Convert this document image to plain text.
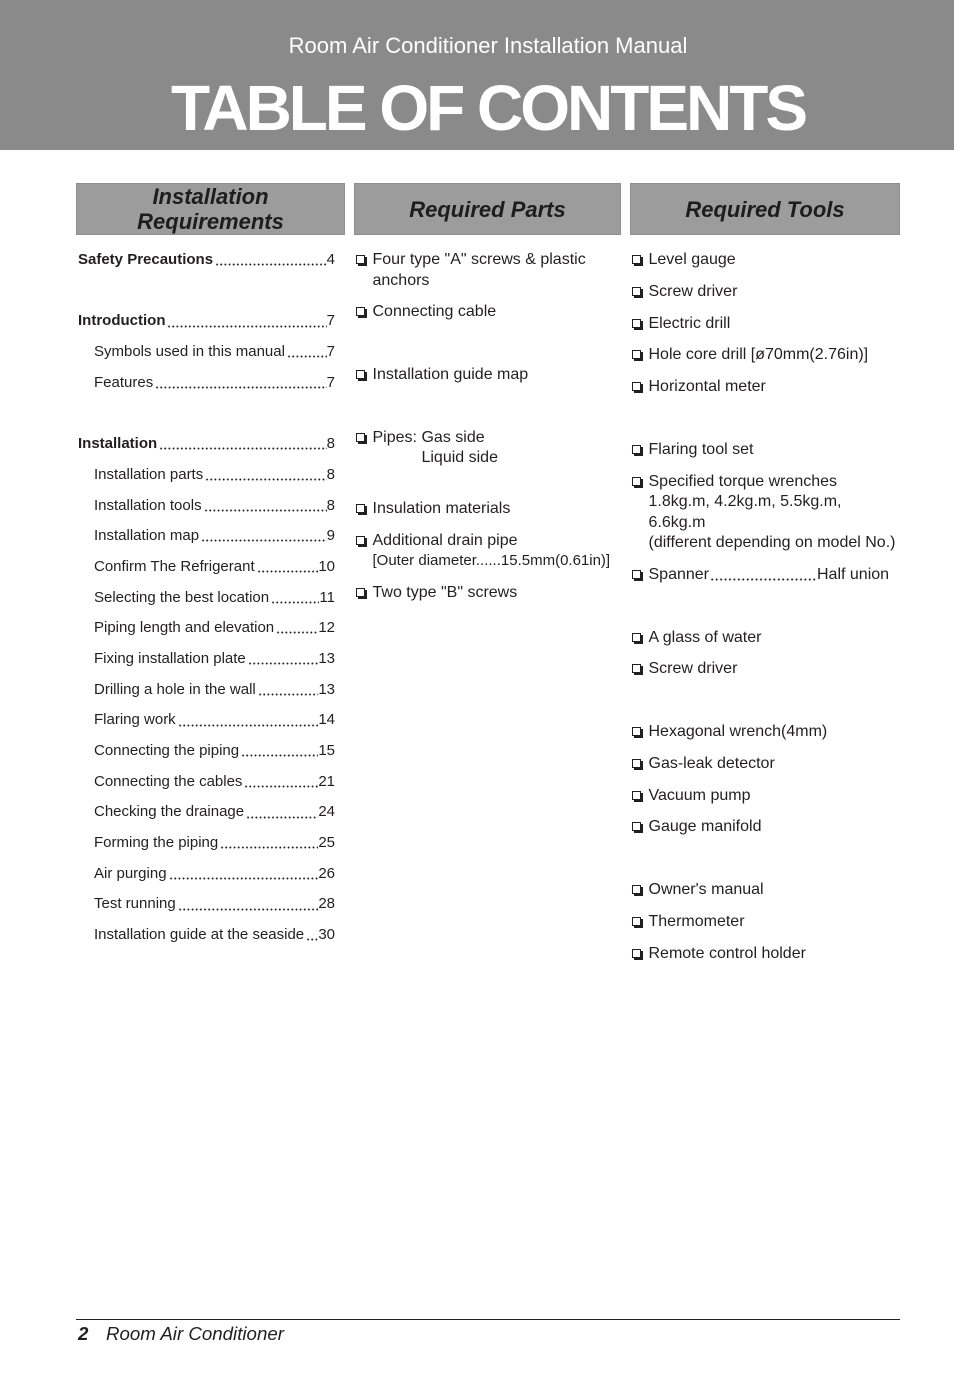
Room Air Conditioner Installation Manual
TABLE OF CONTENTS
Installation Requirements	Required Parts	Required Tools
Safety Precautions	4
Introduction	7
Symbols used in this manual	7
Features	7
Installation	8
Installation parts	8
Installation tools	8
Installation map	9
Confirm The Refrigerant	10
Selecting the best location	11
Piping length and elevation	12
Fixing installation plate	13
Drilling a hole in the wall	13
Flaring work	14
Connecting the piping	15
Connecting the cables	21
Checking the drainage	24
Forming the piping	25
Air purging	26
Test running	28
Installation guide at the seaside 30
Four type "A" screws & plastic
anchors
Connecting cable
Installation guide map
Pipes: Gas side
Liquid side
Insulation materials
Additional drain pipe
[Outer diameter......15.5mm(0.61in)]
Two type "B" screws
Level gauge
Screw driver
Electric drill
Hole core drill [ø70mm(2.76in)]
Horizontal meter
Flaring tool set
Specified torque wrenches
1.8kg.m, 4.2kg.m, 5.5kg.m,
6.6kg.m
(different depending on model No.)
Spanner	Half union
A glass of water
Screw driver
Hexagonal wrench(4mm)
Gas-leak detector
Vacuum pump
Gauge manifold
Owner's manual
Thermometer
Remote control holder
2 Room Air Conditioner
